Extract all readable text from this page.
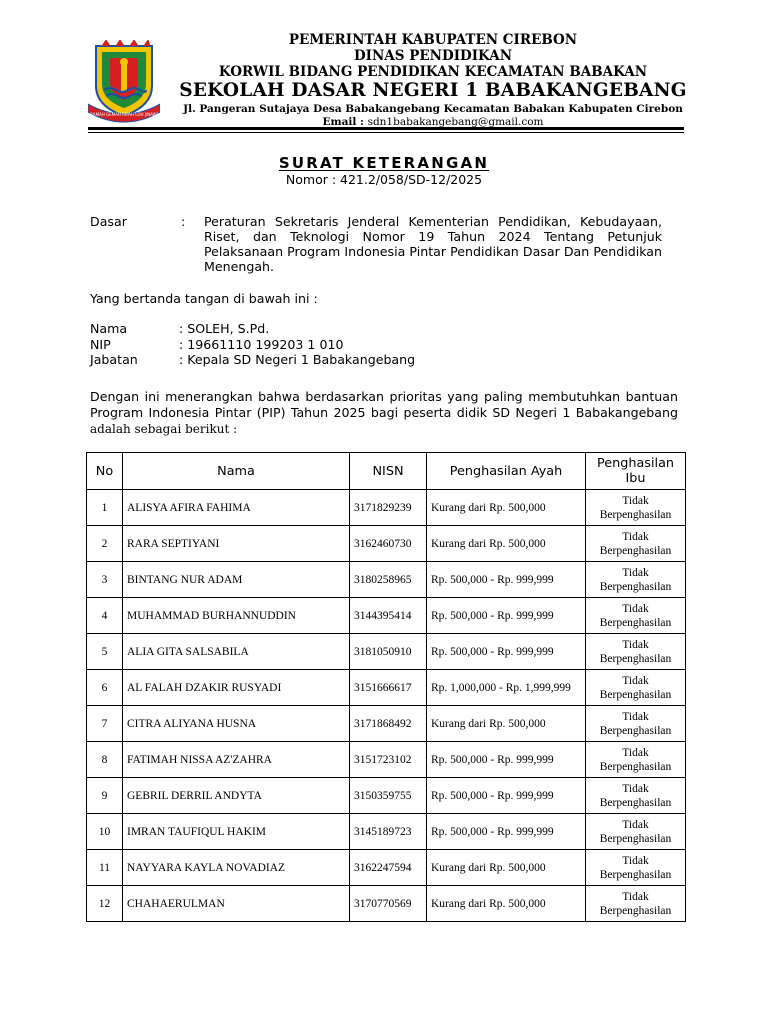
RAMAH GEMAH RIPAH LOH JINAWI
PEMERINTAH KABUPATEN CIREBON
DINAS PENDIDIKAN
KORWIL BIDANG PENDIDIKAN KECAMATAN BABAKAN
SEKOLAH DASAR NEGERI 1 BABAKANGEBANG
Jl. Pangeran Sutajaya Desa Babakangebang Kecamatan Babakan Kabupaten Cirebon
Email : sdn1babakangebang@gmail.com
SURAT KETERANGAN
Nomor : 421.2/058/SD-12/2025
Dasar	: Peraturan Sekretaris Jenderal Kementerian Pendidikan, Kebudayaan, Riset, dan Teknologi Nomor 19 Tahun 2024 Tentang Petunjuk Pelaksanaan Program Indonesia Pintar Pendidikan Dasar Dan Pendidikan Menengah.
Yang bertanda tangan di bawah ini :
Nama	: SOLEH, S.Pd.
NIP	: 19661110 199203 1 010
Jabatan	: Kepala SD Negeri 1 Babakangebang
Dengan ini menerangkan bahwa berdasarkan prioritas yang paling membutuhkan bantuan Program Indonesia Pintar (PIP) Tahun 2025 bagi peserta didik SD Negeri 1 Babakangebang adalah sebagai berikut :
No	Nama	NISN	Penghasilan Ayah	Penghasilan Ibu
1	ALISYA AFIRA FAHIMA	3171829239	Kurang dari Rp. 500,000	Tidak Berpenghasilan
2	RARA SEPTIYANI	3162460730	Kurang dari Rp. 500,000	Tidak Berpenghasilan
3	BINTANG NUR ADAM	3180258965	Rp. 500,000 - Rp. 999,999	Tidak Berpenghasilan
4	MUHAMMAD BURHANNUDDIN	3144395414	Rp. 500,000 - Rp. 999,999	Tidak Berpenghasilan
5	ALIA GITA SALSABILA	3181050910	Rp. 500,000 - Rp. 999,999	Tidak Berpenghasilan
6	AL FALAH DZAKIR RUSYADI	3151666617	Rp. 1,000,000 - Rp. 1,999,999	Tidak Berpenghasilan
7	CITRA ALIYANA HUSNA	3171868492	Kurang dari Rp. 500,000	Tidak Berpenghasilan
8	FATIMAH NISSA AZ'ZAHRA	3151723102	Rp. 500,000 - Rp. 999,999	Tidak Berpenghasilan
9	GEBRIL DERRIL ANDYTA	3150359755	Rp. 500,000 - Rp. 999,999	Tidak Berpenghasilan
10	IMRAN TAUFIQUL HAKIM	3145189723	Rp. 500,000 - Rp. 999,999	Tidak Berpenghasilan
11	NAYYARA KAYLA NOVADIAZ	3162247594	Kurang dari Rp. 500,000	Tidak Berpenghasilan
12	CHAHAERULMAN	3170770569	Kurang dari Rp. 500,000	Tidak Berpenghasilan
